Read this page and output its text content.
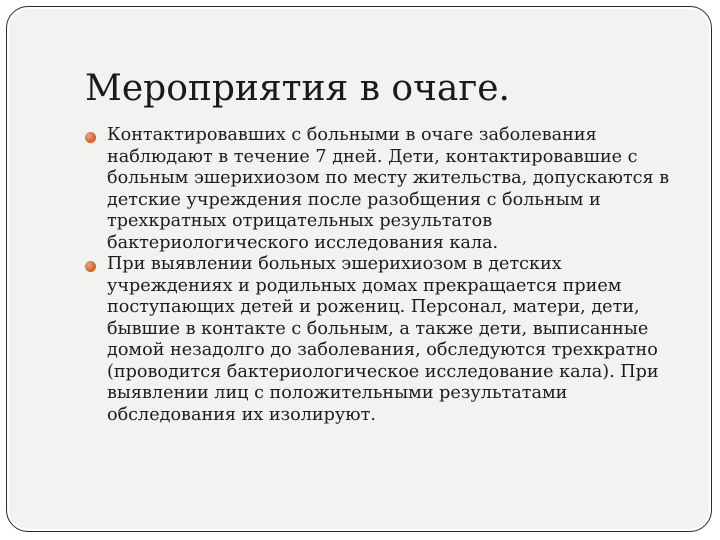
Мероприятия в очаге.
Контактировавших с больными в очаге заболевания наблюдают в течение 7 дней. Дети, контактировавшие с больным эшерихиозом по месту жительства, допускаются в детские учреждения после разобщения с больным и трехкратных отрицательных результатов бактериологического исследования кала.
При выявлении больных эшерихиозом в детских учреждениях и родильных домах прекращается прием поступающих детей и рожениц. Персонал, матери, дети, бывшие в контакте с больным, а также дети, выписанные домой незадолго до заболевания, обследуются трехкратно (проводится бактериологическое исследование кала). При выявлении лиц с положительными результатами обследования их изолируют.
